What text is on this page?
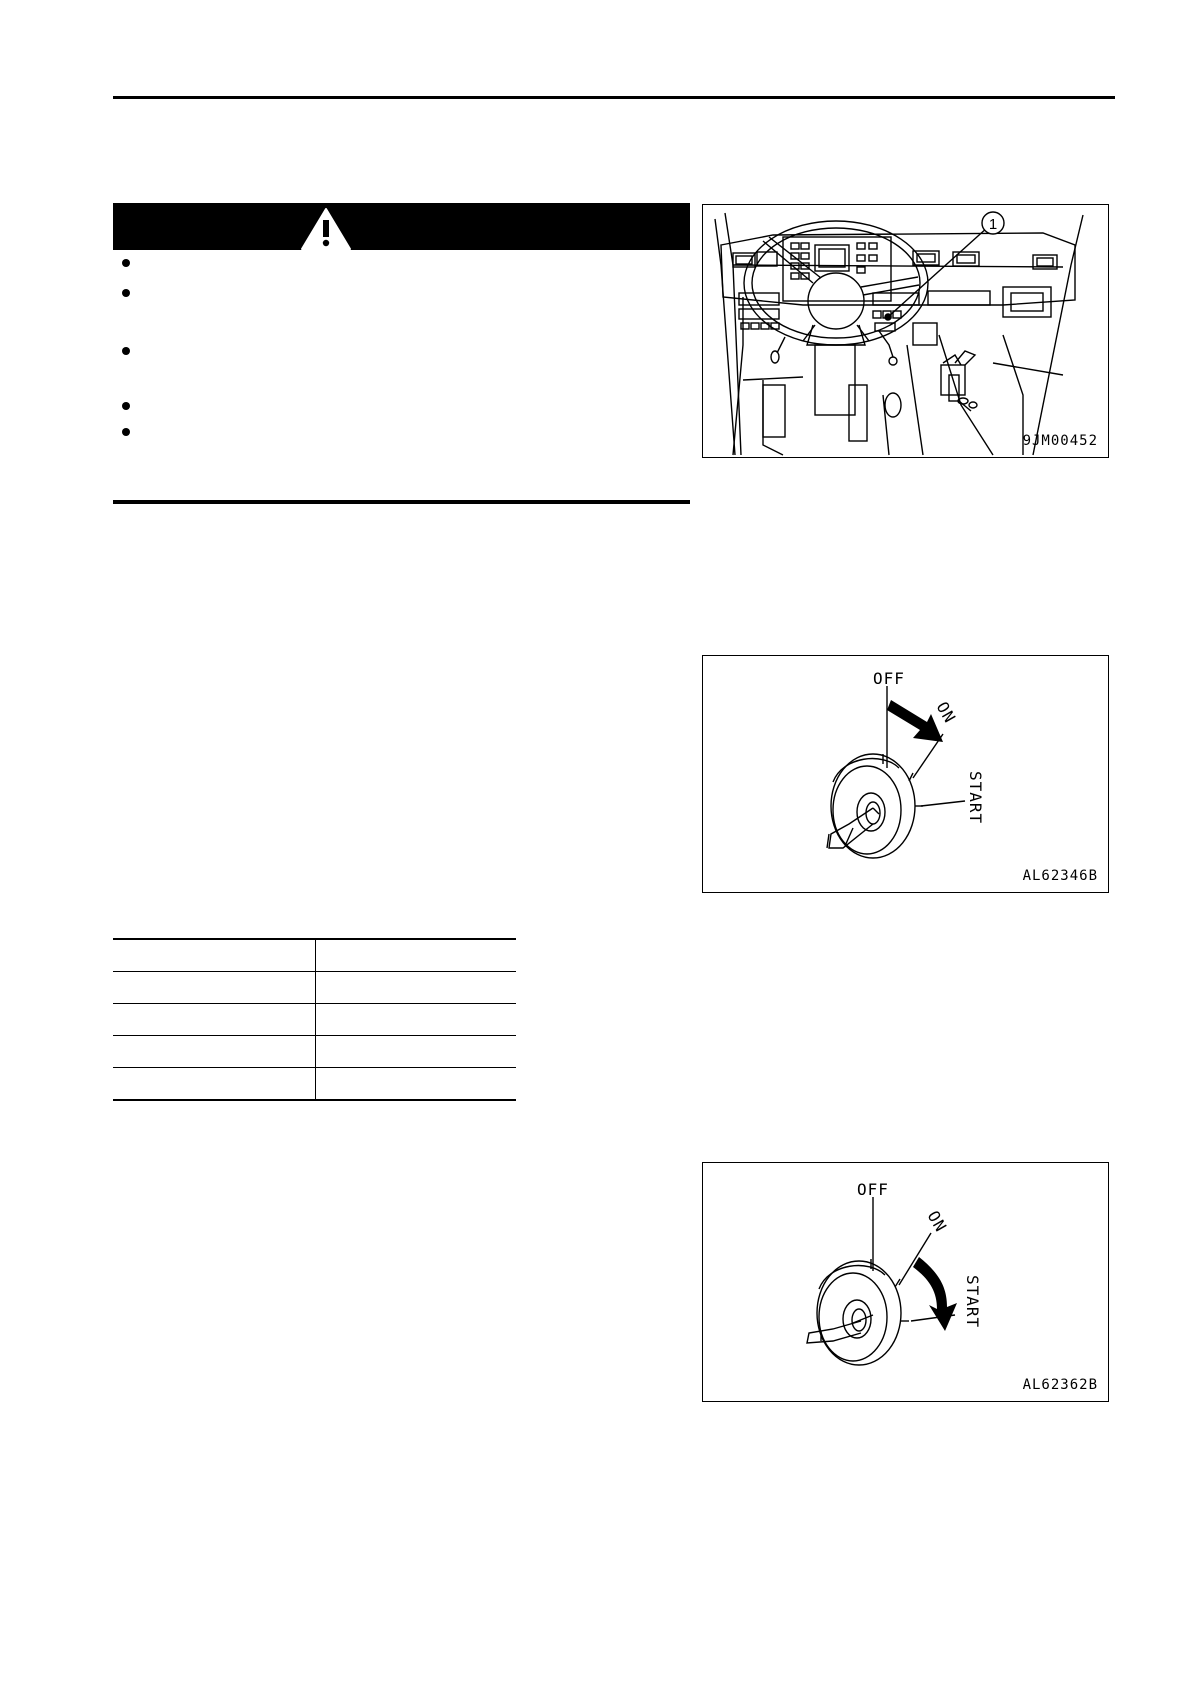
1
9JM00452
OFF
ON
START
AL62346B

OFF
ON
START
AL62362B
